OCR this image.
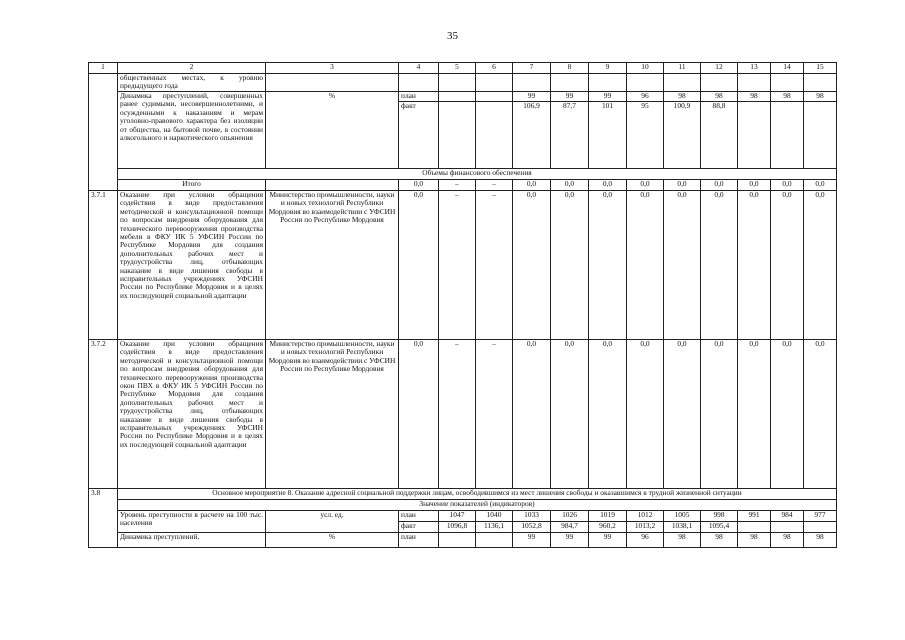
35
1	2	3	4	5	6	7	8	9	10	11	12	13	14	15
	общественных местах, к уровню предыдущего года													
	Динамика преступлений, совершенных ранее судимыми, несовершеннолетними, и осужденными к наказаниям и мерам уголовно-правового характера без изоляции от общества, на бытовой почве, в состоянии алкогольного и наркотического опьянения	%	план			99	99	99	96	98	98	98	98	98
			факт			106,9	87,7	101	95	100,9	88,8			
	Объемы финансового обеспечения													
	Итого		0,0	–	–	0,0	0,0	0,0	0,0	0,0	0,0	0,0	0,0	0,0
3.7.1	Оказание при условии обращения содействия в виде предоставления методической и консультационной помощи по вопросам внедрения оборудования для технического перевооружения производства мебели в ФКУ ИК 5 УФСИН России по Республике Мордовия для создания дополнительных рабочих мест и трудоустройства лиц, отбывающих наказание в виде лишения свободы в исправительных учреждениях УФСИН России по Республике Мордовия и в целях их последующей социальной адаптации	Министерство промышленности, науки и новых технологий Республики Мордовия во взаимодействии с УФСИН России по Республике Мордовия	0,0	–	–	0,0	0,0	0,0	0,0	0,0	0,0	0,0	0,0	0,0
3.7.2	Оказание при условии обращения содействия в виде предоставления методической и консультационной помощи по вопросам внедрения оборудования для технического перевооружения производства окон ПВХ в ФКУ ИК 5 УФСИН России по Республике Мордовия для создания дополнительных рабочих мест и трудоустройства лиц, отбывающих наказание в виде лишения свободы в исправительных учреждениях УФСИН России по Республике Мордовия и в целях их последующей социальной адаптации	Министерство промышленности, науки и новых технологий Республики Мордовия во взаимодействии с УФСИН России по Республике Мордовия	0,0	–	–	0,0	0,0	0,0	0,0	0,0	0,0	0,0	0,0	0,0
3.8	Основное мероприятие 8. Оказание адресной социальной поддержки лицам, освободившимся из мест лишения свободы и оказавшимся в трудной жизненной ситуации													
	Значение показателей (индикаторов)													
	Уровень преступности в расчете на 100 тыс. населения	усл. ед.	план	1047	1040	1033	1026	1019	1012	1005	998	991	984	977
			факт	1096,8	1136,1	1052,8	984,7	960,2	1013,2	1038,1	1095,4			
	Динамика преступлений,	%	план			99	99	99	96	98	98	98	98	98
